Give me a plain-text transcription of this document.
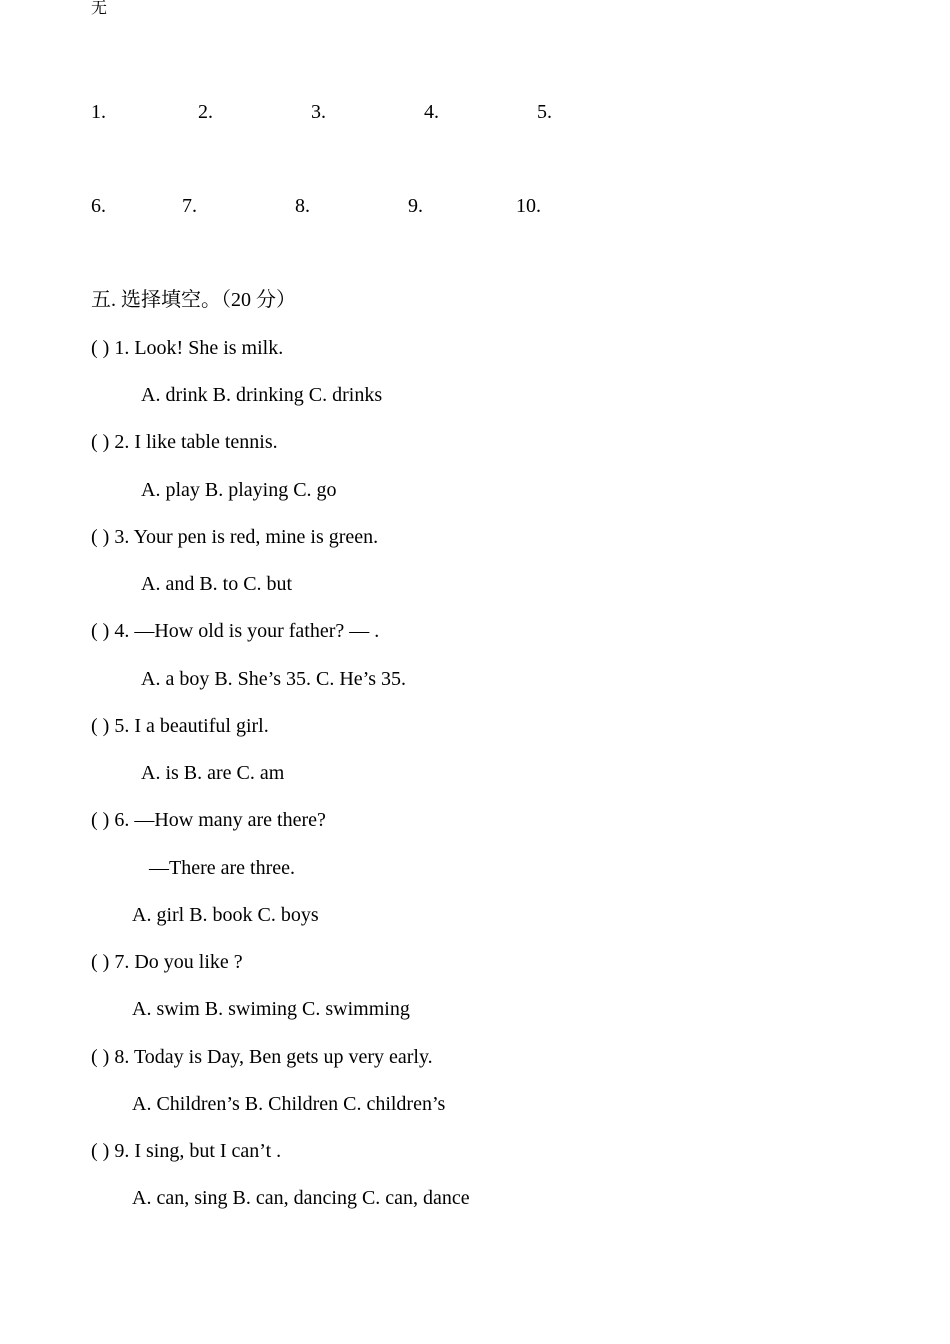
无
1.	2.	3.	4.	5.
6.	7.	8.	9.	10.
五. 选择填空。（20 分）
( ) 1. Look! She is milk.
A. drink B. drinking C. drinks
( ) 2. I like table tennis.
A. play B. playing C. go
( ) 3. Your pen is red, mine is green.
A. and B. to C. but
( ) 4. —How old is your father? — .
A. a boy B. She’s 35. C. He’s 35.
( ) 5. I a beautiful girl.
A. is B. are C. am
( ) 6. —How many are there?
—There are three.
A. girl B. book C. boys
( ) 7. Do you like ?
A. swim B. swiming C. swimming
( ) 8. Today is Day, Ben gets up very early.
A. Children’s B. Children C. children’s
( ) 9. I sing, but I can’t .
A. can, sing B. can, dancing C. can, dance
